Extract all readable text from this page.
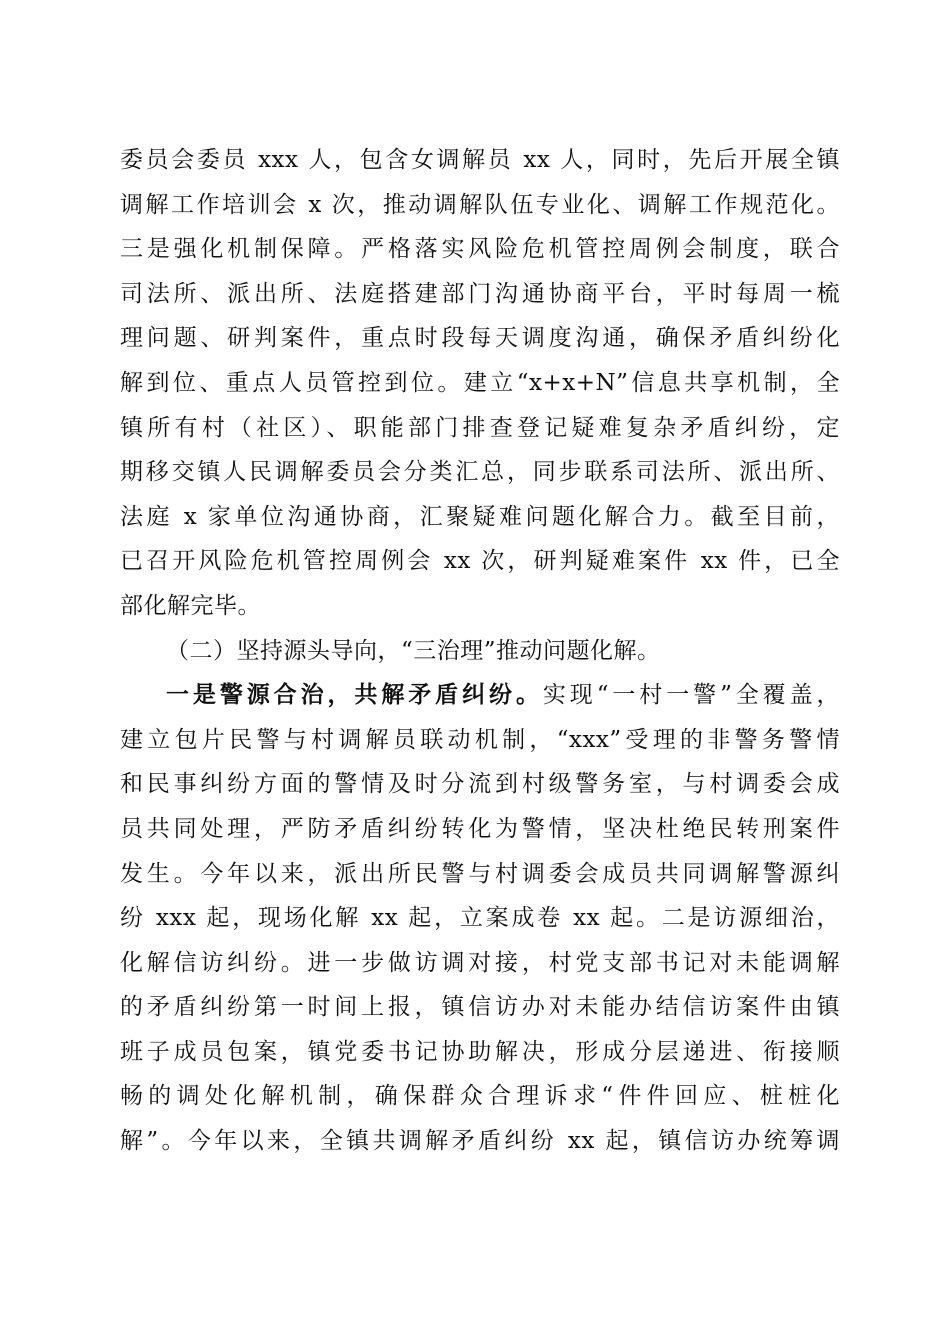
委员会委员 xxx 人，包含女调解员 xx 人，同时，先后开展全镇
调解工作培训会 x 次，推动调解队伍专业化、调解工作规范化。
三是强化机制保障。严格落实风险危机管控周例会制度，联合
司法所、派出所、法庭搭建部门沟通协商平台，平时每周一梳
理问题、研判案件，重点时段每天调度沟通，确保矛盾纠纷化
解到位、重点人员管控到位。建立“x+x+N”信息共享机制，全
镇所有村（社区）、职能部门排查登记疑难复杂矛盾纠纷，定
期移交镇人民调解委员会分类汇总，同步联系司法所、派出所、
法庭 x 家单位沟通协商，汇聚疑难问题化解合力。截至目前，
已召开风险危机管控周例会 xx 次，研判疑难案件 xx 件，已全
部化解完毕。
（二）坚持源头导向，“三治理”推动问题化解。
一是警源合治，共解矛盾纠纷。实现“一村一警”全覆盖，
建立包片民警与村调解员联动机制，“xxx”受理的非警务警情
和民事纠纷方面的警情及时分流到村级警务室，与村调委会成
员共同处理，严防矛盾纠纷转化为警情，坚决杜绝民转刑案件
发生。今年以来，派出所民警与村调委会成员共同调解警源纠
纷 xxx 起，现场化解 xx 起，立案成卷 xx 起。二是访源细治，
化解信访纠纷。进一步做访调对接，村党支部书记对未能调解
的矛盾纠纷第一时间上报，镇信访办对未能办结信访案件由镇
班子成员包案，镇党委书记协助解决，形成分层递进、衔接顺
畅的调处化解机制，确保群众合理诉求“件件回应、桩桩化
解”。今年以来，全镇共调解矛盾纠纷 xx 起，镇信访办统筹调
